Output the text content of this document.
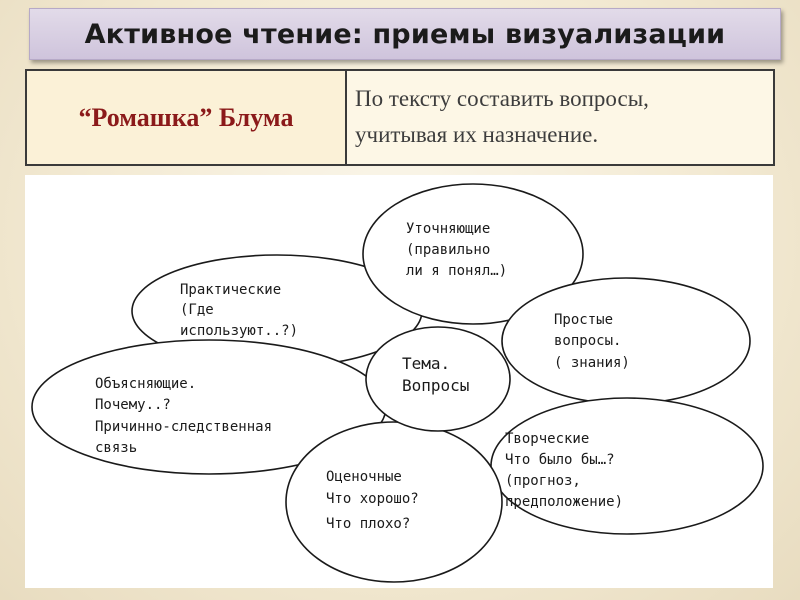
Активное чтение: приемы визуализации
“Ромашка” Блума
По тексту составить вопросы,
учитывая их назначение.
Практические
(Где
используют..?)
Уточняющие
(правильно
ли я понял…)
Простые
вопросы.
( знания)
Объясняющие.
Почему..?
Причинно-следственная
связь
Творческие
Что было бы…?
(прогноз,
предположение)
Оценочные
Что хорошо?
Что плохо?
Тема.
Вопросы
